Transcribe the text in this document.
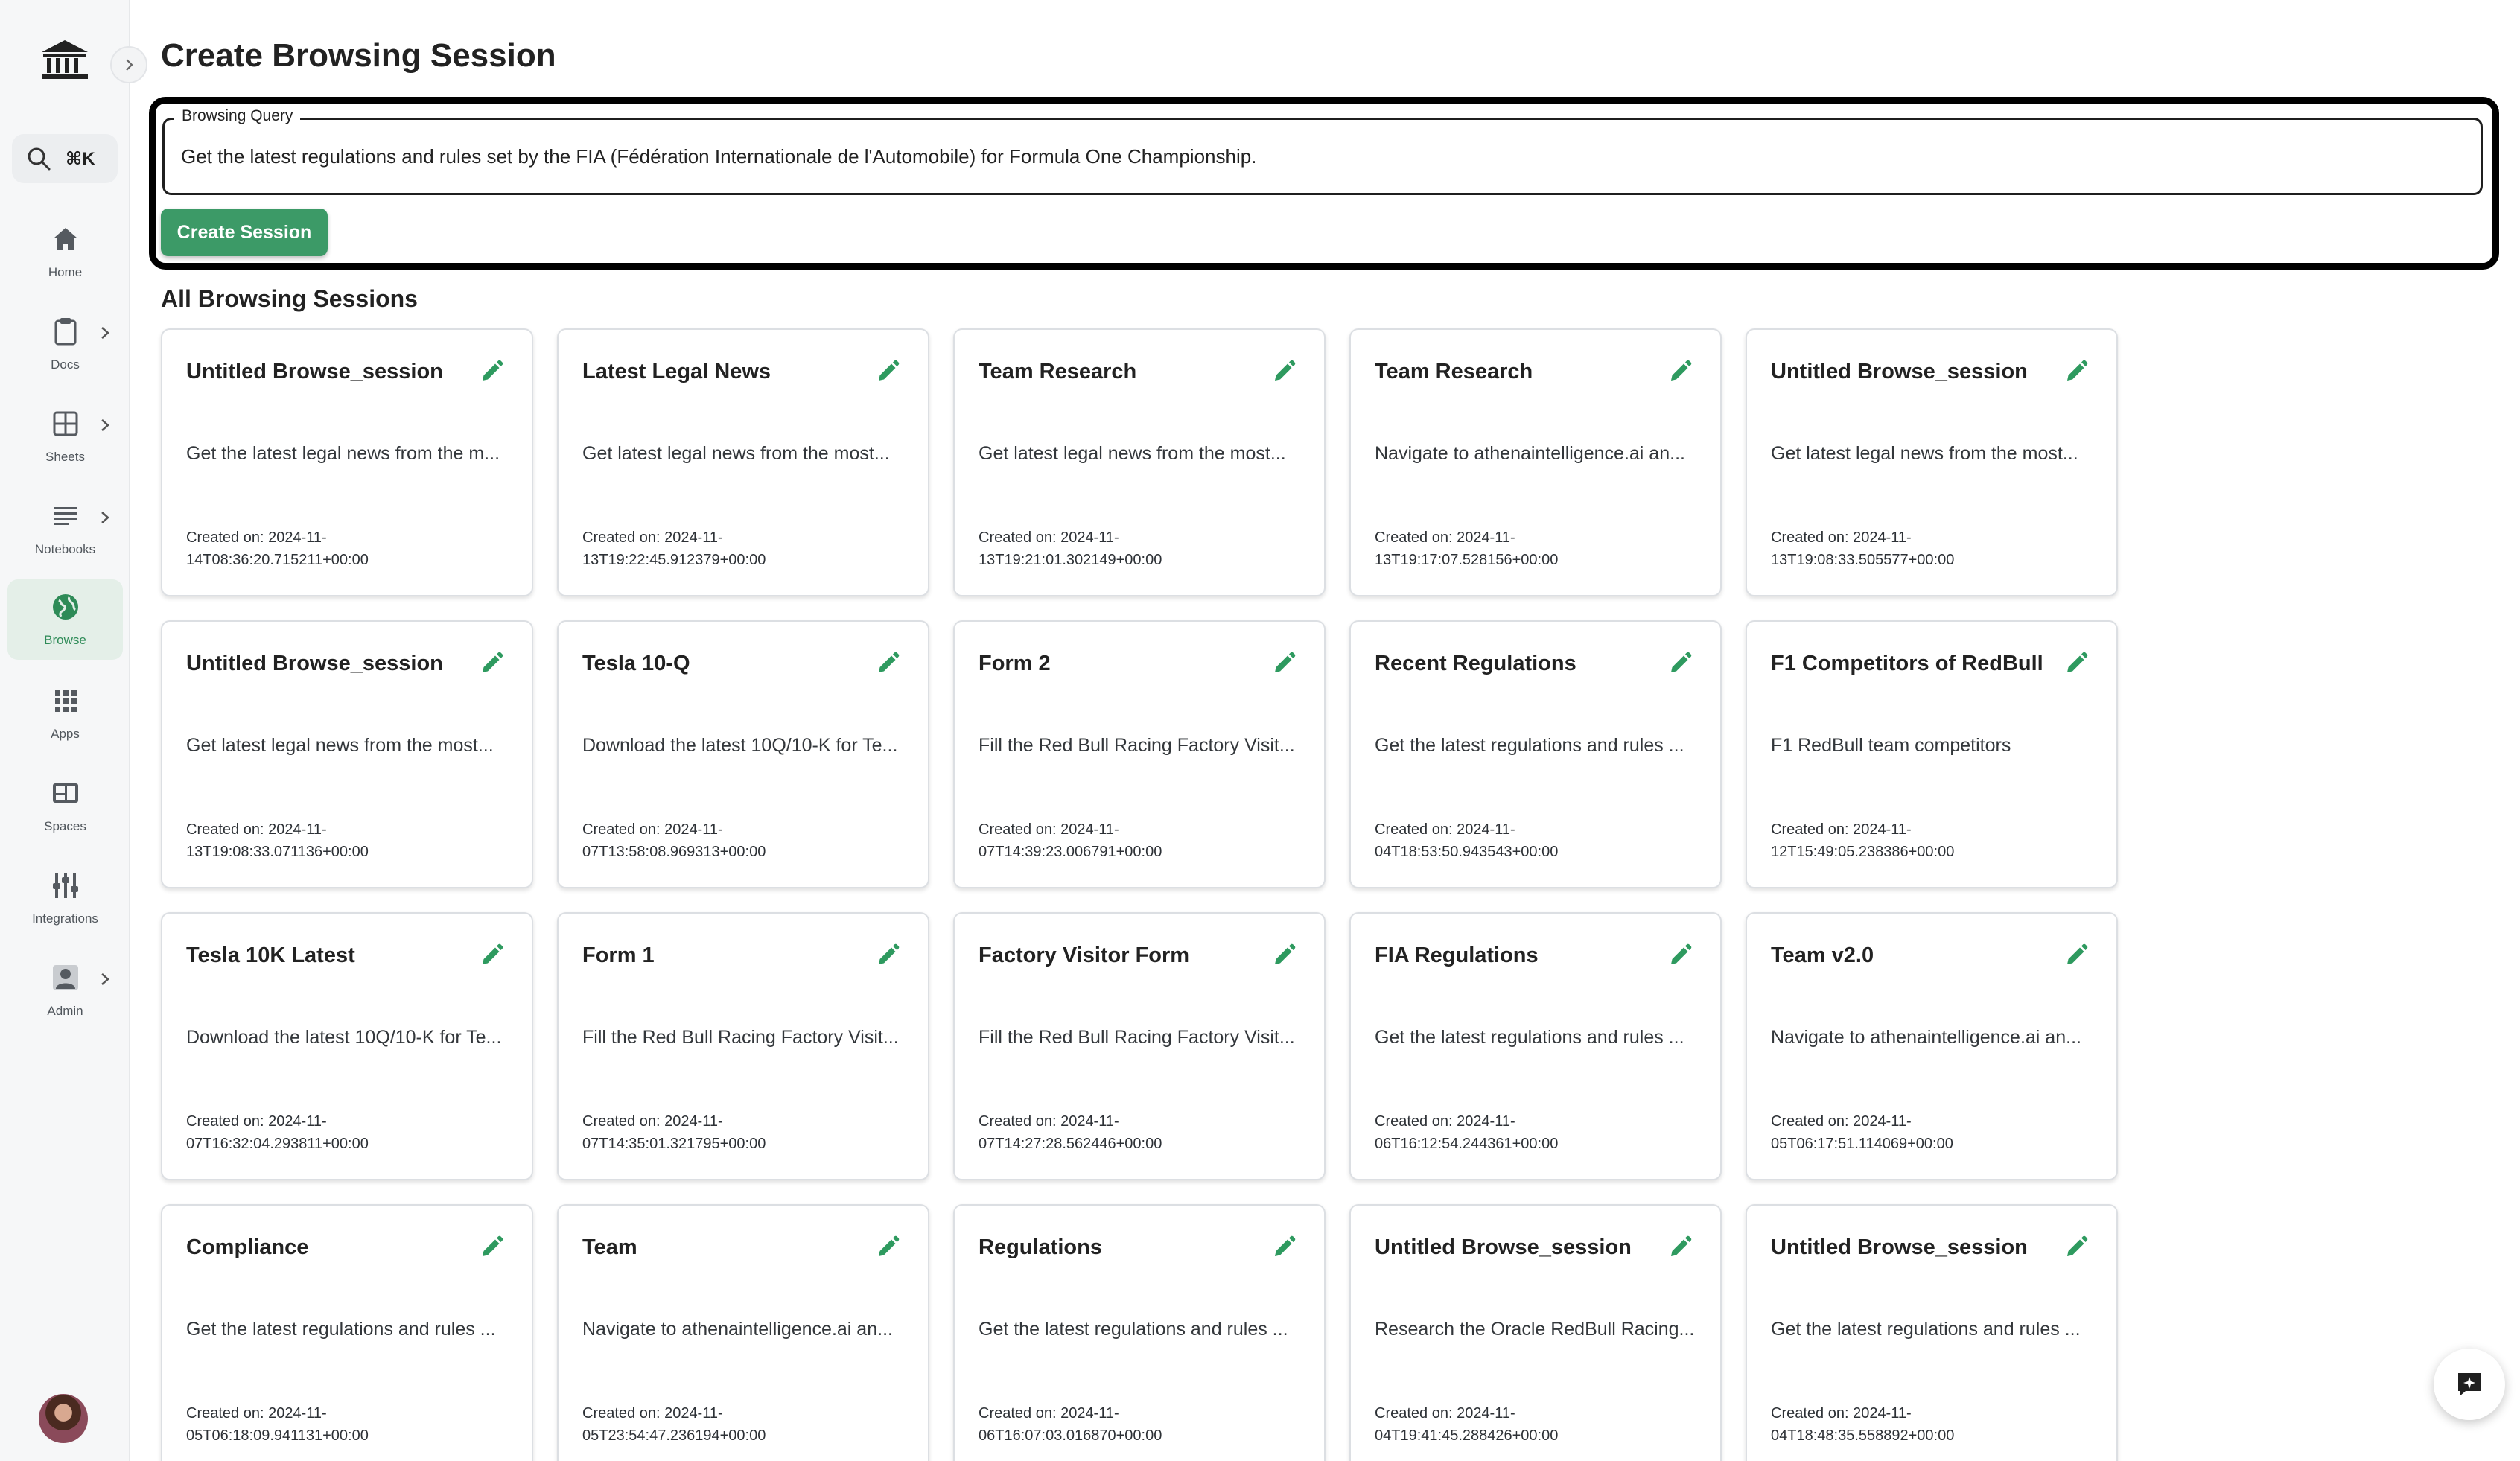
⌘K
Home
Docs
Sheets
Notebooks
Browse
Apps
Spaces
Integrations
Admin
Create Browsing Session
Browsing Query
Get the latest regulations and rules set by the FIA (Fédération Internationale de l'Automobile) for Formula One Championship.
Create Session
All Browsing Sessions
Untitled Browse_session
Get the latest legal news from the m...
Created on: 2024-11-14T08:36:20.715211+00:00
Latest Legal News
Get latest legal news from the most...
Created on: 2024-11-13T19:22:45.912379+00:00
Team Research
Get latest legal news from the most...
Created on: 2024-11-13T19:21:01.302149+00:00
Team Research
Navigate to athenaintelligence.ai an...
Created on: 2024-11-13T19:17:07.528156+00:00
Untitled Browse_session
Get latest legal news from the most...
Created on: 2024-11-13T19:08:33.505577+00:00
Untitled Browse_session
Get latest legal news from the most...
Created on: 2024-11-13T19:08:33.071136+00:00
Tesla 10-Q
Download the latest 10Q/10-K for Te...
Created on: 2024-11-07T13:58:08.969313+00:00
Form 2
Fill the Red Bull Racing Factory Visit...
Created on: 2024-11-07T14:39:23.006791+00:00
Recent Regulations
Get the latest regulations and rules ...
Created on: 2024-11-04T18:53:50.943543+00:00
F1 Competitors of RedBull
F1 RedBull team competitors
Created on: 2024-11-12T15:49:05.238386+00:00
Tesla 10K Latest
Download the latest 10Q/10-K for Te...
Created on: 2024-11-07T16:32:04.293811+00:00
Form 1
Fill the Red Bull Racing Factory Visit...
Created on: 2024-11-07T14:35:01.321795+00:00
Factory Visitor Form
Fill the Red Bull Racing Factory Visit...
Created on: 2024-11-07T14:27:28.562446+00:00
FIA Regulations
Get the latest regulations and rules ...
Created on: 2024-11-06T16:12:54.244361+00:00
Team v2.0
Navigate to athenaintelligence.ai an...
Created on: 2024-11-05T06:17:51.114069+00:00
Compliance
Get the latest regulations and rules ...
Created on: 2024-11-05T06:18:09.941131+00:00
Team
Navigate to athenaintelligence.ai an...
Created on: 2024-11-05T23:54:47.236194+00:00
Regulations
Get the latest regulations and rules ...
Created on: 2024-11-06T16:07:03.016870+00:00
Untitled Browse_session
Research the Oracle RedBull Racing...
Created on: 2024-11-04T19:41:45.288426+00:00
Untitled Browse_session
Get the latest regulations and rules ...
Created on: 2024-11-04T18:48:35.558892+00:00
